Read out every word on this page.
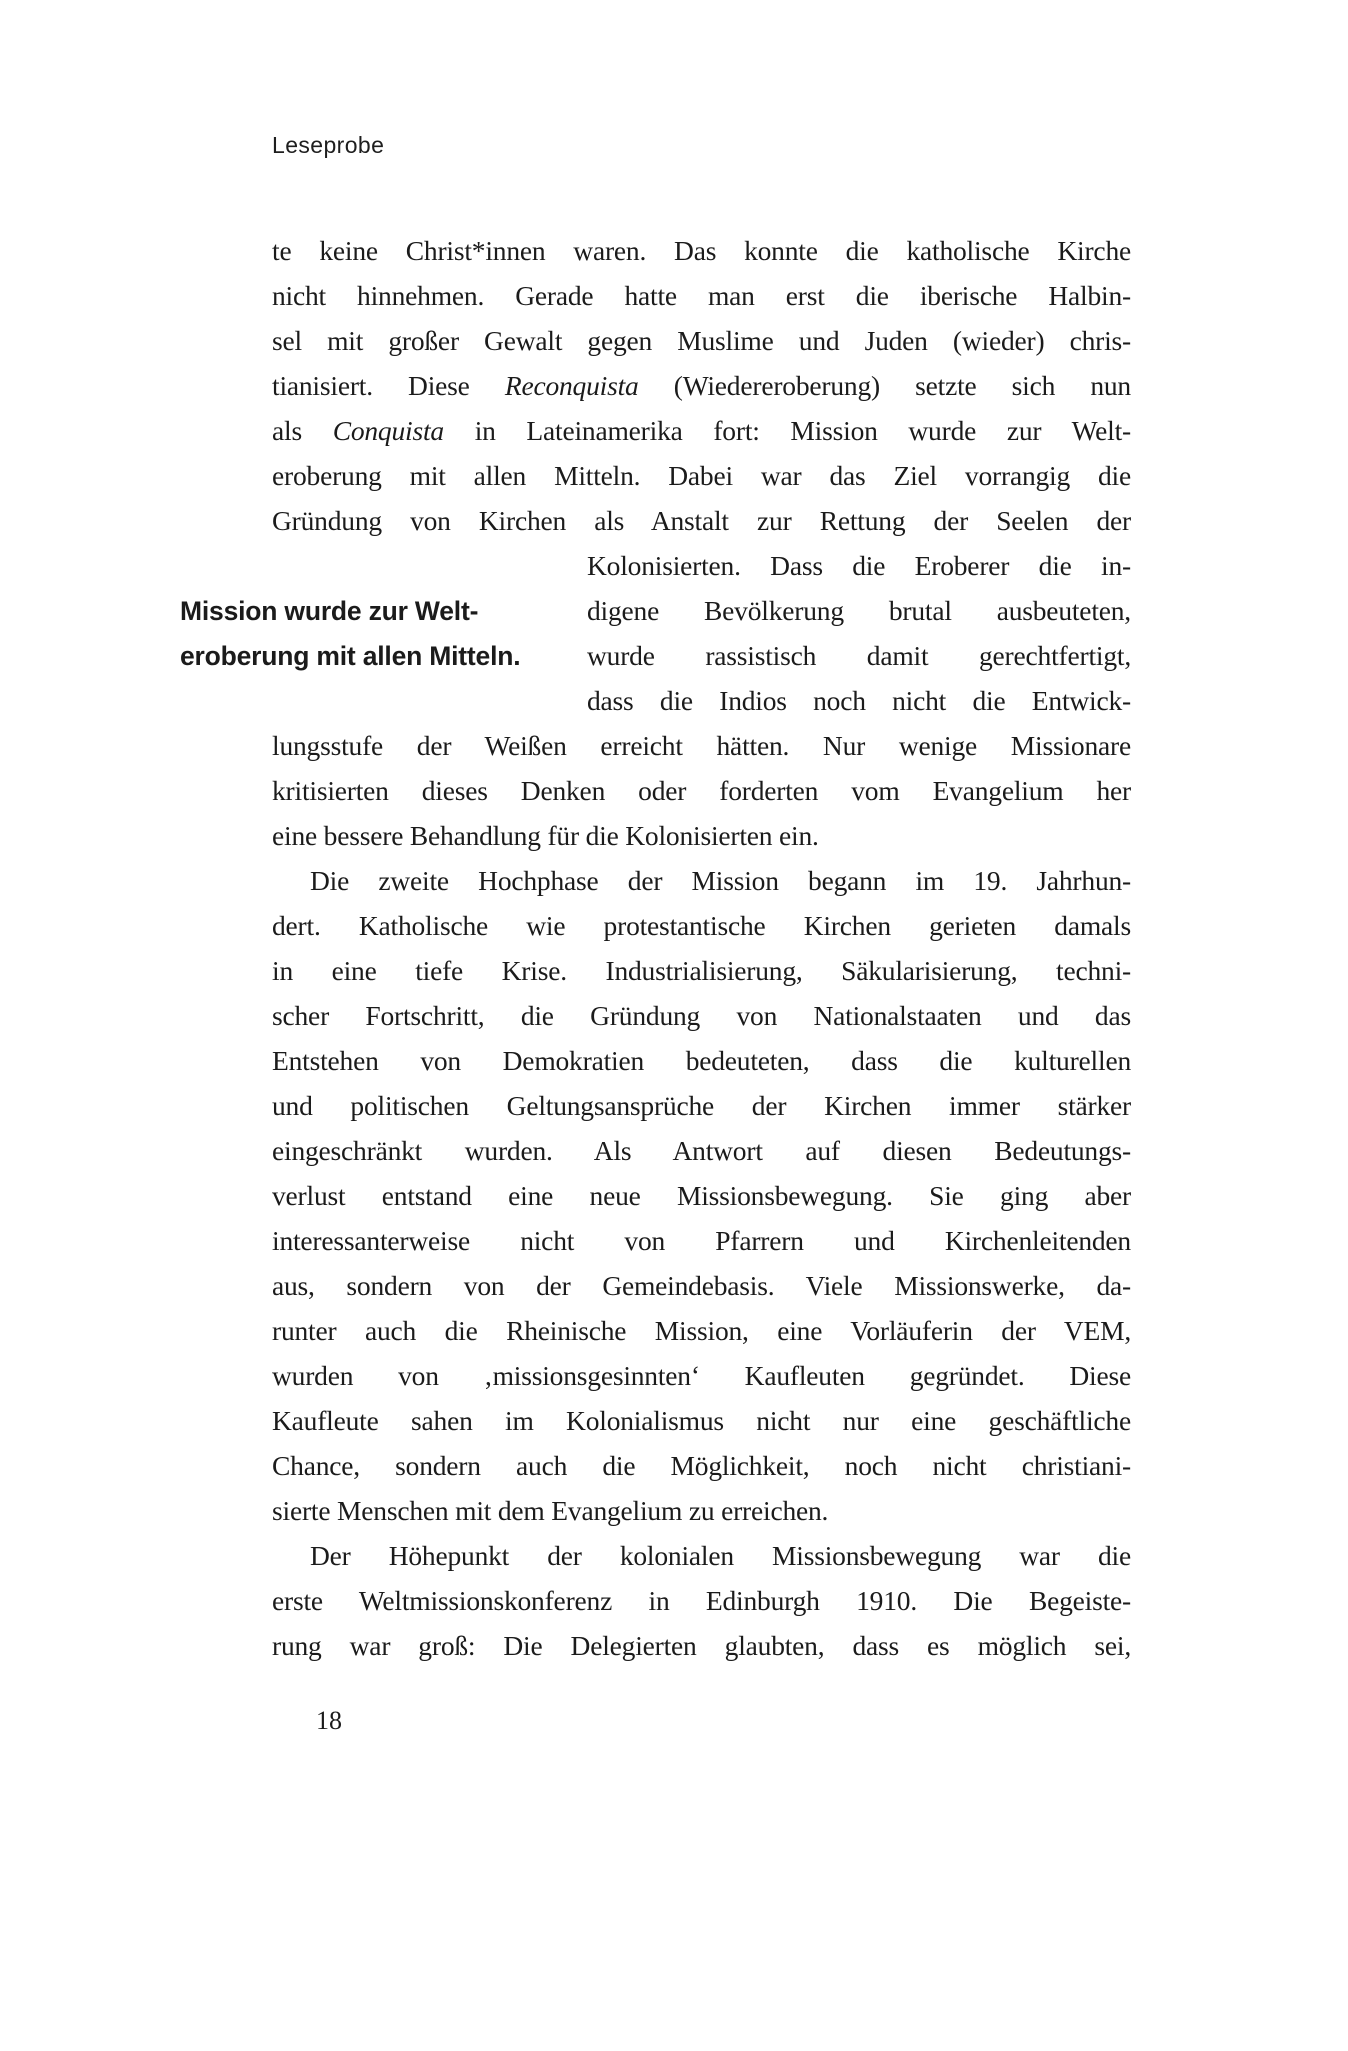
Leseprobe
Mission wurde zur Welt-
eroberung mit allen Mitteln.
te keine Christ*innen waren. Das konnte die katholische Kirche
nicht hinnehmen. Gerade hatte man erst die iberische Halbin-
sel mit großer Gewalt gegen Muslime und Juden (wieder) chris-
tianisiert. Diese Reconquista (Wiedereroberung) setzte sich nun
als Conquista in Lateinamerika fort: Mission wurde zur Welt-
eroberung mit allen Mitteln. Dabei war das Ziel vorrangig die
Gründung von Kirchen als Anstalt zur Rettung der Seelen der
Kolonisierten. Dass die Eroberer die in-
digene Bevölkerung brutal ausbeuteten,
wurde rassistisch damit gerechtfertigt,
dass die Indios noch nicht die Entwick-
lungsstufe der Weißen erreicht hätten. Nur wenige Missionare
kritisierten dieses Denken oder forderten vom Evangelium her
eine bessere Behandlung für die Kolonisierten ein.
Die zweite Hochphase der Mission begann im 19. Jahrhun-
dert. Katholische wie protestantische Kirchen gerieten damals
in eine tiefe Krise. Industrialisierung, Säkularisierung, techni-
scher Fortschritt, die Gründung von Nationalstaaten und das
Entstehen von Demokratien bedeuteten, dass die kulturellen
und politischen Geltungsansprüche der Kirchen immer stärker
eingeschränkt wurden. Als Antwort auf diesen Bedeutungs-
verlust entstand eine neue Missionsbewegung. Sie ging aber
interessanterweise nicht von Pfarrern und Kirchenleitenden
aus, sondern von der Gemeindebasis. Viele Missionswerke, da-
runter auch die Rheinische Mission, eine Vorläuferin der VEM,
wurden von ‚missionsgesinnten‘ Kaufleuten gegründet. Diese
Kaufleute sahen im Kolonialismus nicht nur eine geschäftliche
Chance, sondern auch die Möglichkeit, noch nicht christiani-
sierte Menschen mit dem Evangelium zu erreichen.
Der Höhepunkt der kolonialen Missionsbewegung war die
erste Weltmissionskonferenz in Edinburgh 1910. Die Begeiste-
rung war groß: Die Delegierten glaubten, dass es möglich sei,
18
